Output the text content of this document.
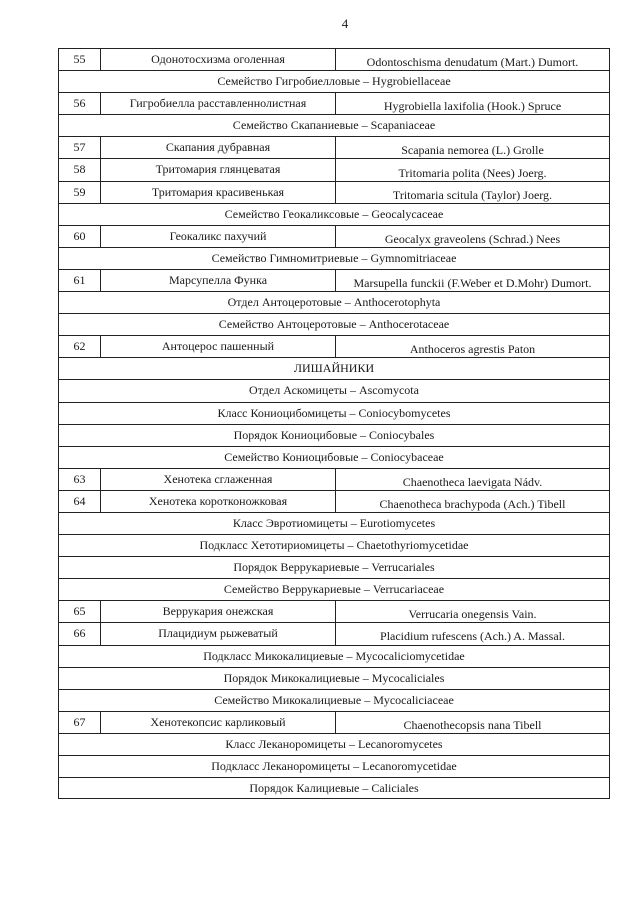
4
55	Одонотосхизма оголенная	Odontoschisma denudatum (Mart.) Dumort.
Семейство Гигробиелловые – Hygrobiellaceae
56	Гигробиелла расставленнолистная	Hygrobiella laxifolia (Hook.) Spruce
Семейство Скапаниевые – Scapaniaceae
57	Скапания дубравная	Scapania nemorea (L.) Grolle
58	Тритомария глянцеватая	Tritomaria polita (Nees) Joerg.
59	Тритомария красивенькая	Tritomaria scitula (Taylor) Joerg.
Семейство Геокаликсовые – Geocalycaceae
60	Геокаликс пахучий	Geocalyx graveolens (Schrad.) Nees
Семейство Гимномитриевые – Gymnomitriaceae
61	Марсупелла Функа	Marsupella funckii (F.Weber et D.Mohr) Dumort.
Отдел Антоцеротовые – Anthocerotophyta
Семейство Антоцеротовые – Anthocerotaceae
62	Антоцерос пашенный	Anthoceros agrestis Paton
ЛИШАЙНИКИ
Отдел Аскомицеты – Ascomycota
Класс Кониоцибомицеты – Coniocybomycetes
Порядок Кониоцибовые – Coniocybales
Семейство Кониоцибовые – Coniocybaceae
63	Хенотека сглаженная	Chaenotheca laevigata Nádv.
64	Хенотека коротконожковая	Chaenotheca brachypoda (Ach.) Tibell
Класс Эвротиомицеты – Eurotiomycetes
Подкласс Хетотириомицеты – Chaetothyriomycetidae
Порядок Веррукариевые – Verrucariales
Семейство Веррукариевые – Verrucariaceae
65	Веррукария онежская	Verrucaria onegensis Vain.
66	Плацидиум рыжеватый	Placidium rufescens (Ach.) A. Massal.
Подкласс Микокалициевые – Mycocaliciomycetidae
Порядок Микокалициевые – Mycocaliciales
Семейство Микокалициевые – Mycocaliciaceae
67	Хенотекопсис карликовый	Chaenothecopsis nana Tibell
Класс Леканоромицеты – Lecanoromycetes
Подкласс Леканоромицеты – Lecanoromycetidae
Порядок Калициевые – Caliciales
